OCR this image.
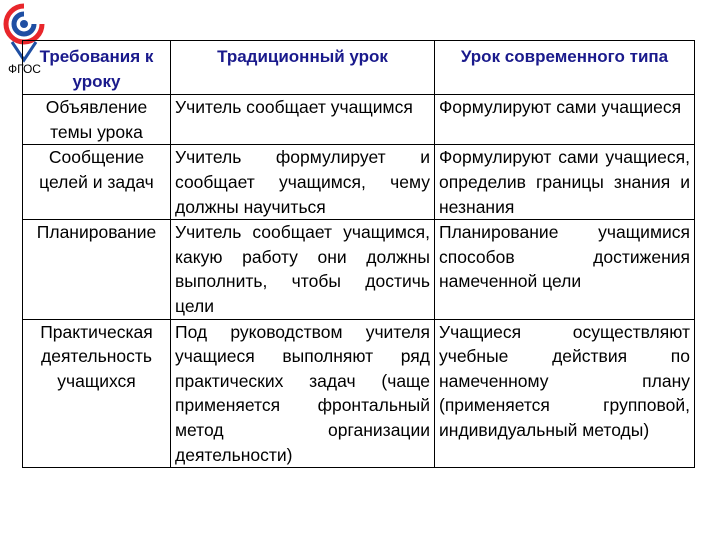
ФГОС
Требования к уроку	Традиционный урок	Урок современного типа
Объявление темы урока	Учитель сообщает учащимся	Формулируют сами учащиеся
Сообщение целей и задач	Учитель формулирует и сообщает учащимся, чему должны научиться	Формулируют сами учащиеся, определив границы знания и незнания
Планирование	Учитель сообщает учащимся, какую работу они должны выполнить, чтобы достичь цели	Планирование учащимися способов достижения намеченной цели
Практическая деятельность учащихся	Под руководством учителя учащиеся выполняют ряд практических задач (чаще применяется фронтальный метод организации деятельности)	Учащиеся осуществляют учебные действия по намеченному плану (применяется групповой, индивидуальный методы)
